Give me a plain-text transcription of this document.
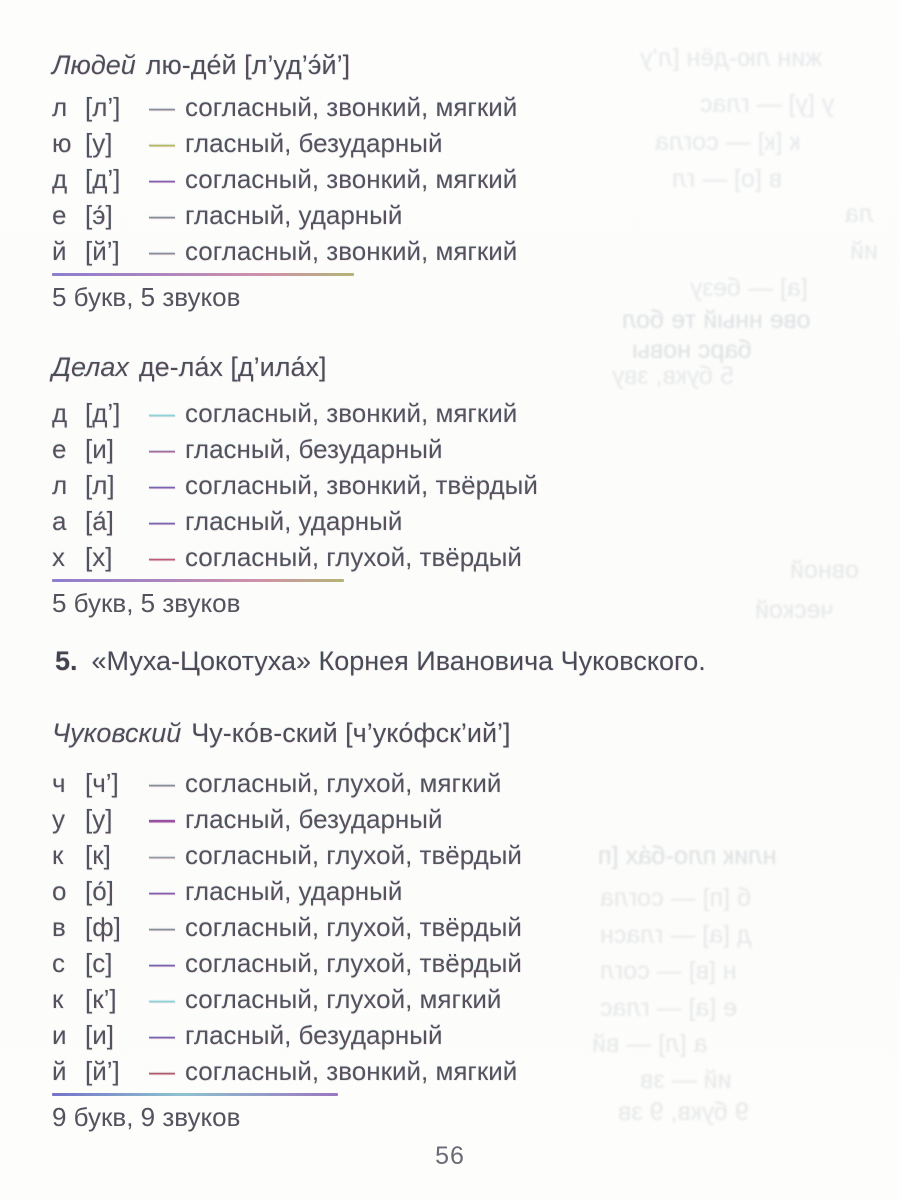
жин лю-дён [л’у
у [у] — глас
к [к] — согла
в [о] — гл
ла
ий
[а] — безу
ове нный те бол
барс новы
5 букв, зву
овной
ческой
нлик пло-ба́х [п
б [п] — согла
д [а] — гласн
н [в] — согл
е [а] — глас
а [л] — вй
ий — зв
9 букв, 9 зв
Людей лю-де́й [л’уд’э́й’]
л [л’]	— согласный, звонкий, мягкий
ю [у]	— гласный, безударный
д [д’]	— согласный, звонкий, мягкий
е [э́]	— гласный, ударный
й [й’]	— согласный, звонкий, мягкий
5 букв, 5 звуков
Делах де-ла́х [д’ила́х]
д [д’]	— согласный, звонкий, мягкий
е [и]	— гласный, безударный
л [л]	— согласный, звонкий, твёрдый
а [а́]	— гласный, ударный
х [х]	— согласный, глухой, твёрдый
5 букв, 5 звуков
5. «Муха-Цокотуха» Корнея Ивановича Чуковского.
Чуковский Чу-ко́в-ский [ч’уко́фск’ий’]
ч [ч’]	— согласный, глухой, мягкий
у [у]	— гласный, безударный
к [к]	— согласный, глухой, твёрдый
о [о́]	— гласный, ударный
в [ф]	— согласный, глухой, твёрдый
с [с]	— согласный, глухой, твёрдый
к [к’]	— согласный, глухой, мягкий
и [и]	— гласный, безударный
й [й’]	— согласный, звонкий, мягкий
9 букв, 9 звуков
56
